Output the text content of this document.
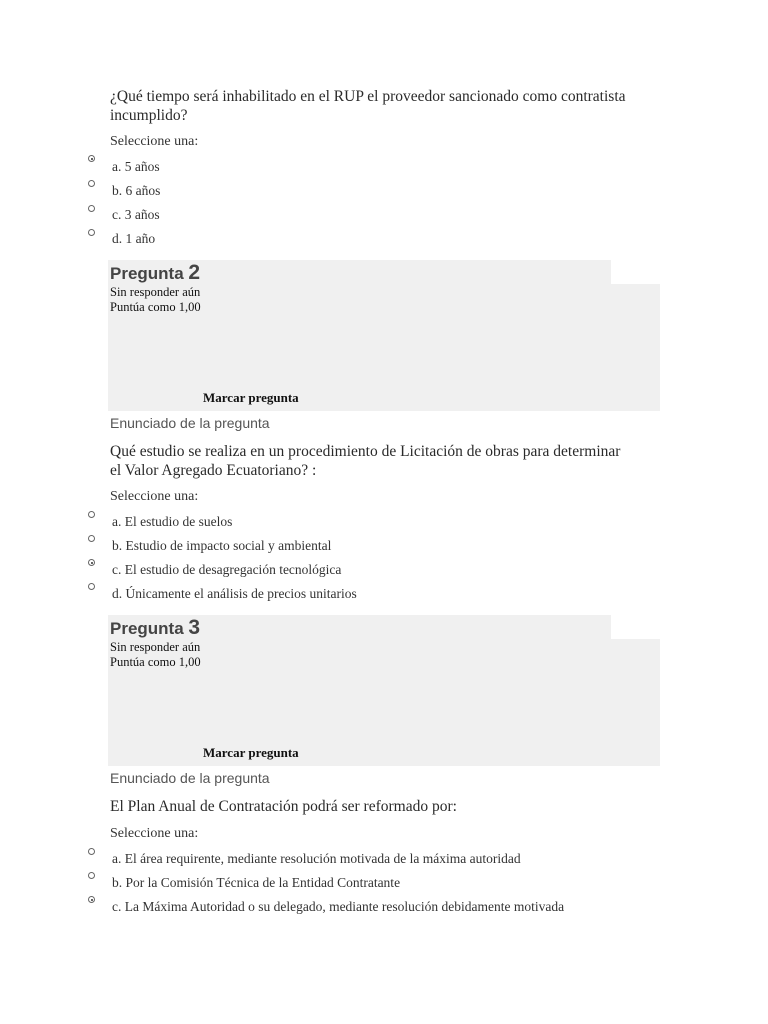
¿Qué tiempo será inhabilitado en el RUP el proveedor sancionado como contratista incumplido?
Seleccione una:
a. 5 años
b. 6 años
c. 3 años
d. 1 año
Pregunta 2
Sin responder aún
Puntúa como 1,00
Marcar pregunta
Enunciado de la pregunta
Qué estudio se realiza en un procedimiento de Licitación de obras para determinar el Valor Agregado Ecuatoriano? :
Seleccione una:
a. El estudio de suelos
b. Estudio de impacto social y ambiental
c. El estudio de desagregación tecnológica
d. Únicamente el análisis de precios unitarios
Pregunta 3
Sin responder aún
Puntúa como 1,00
Marcar pregunta
Enunciado de la pregunta
El Plan Anual de Contratación podrá ser reformado por:
Seleccione una:
a. El área requirente, mediante resolución motivada de la máxima autoridad
b. Por la Comisión Técnica de la Entidad Contratante
c. La Máxima Autoridad o su delegado, mediante resolución debidamente motivada
